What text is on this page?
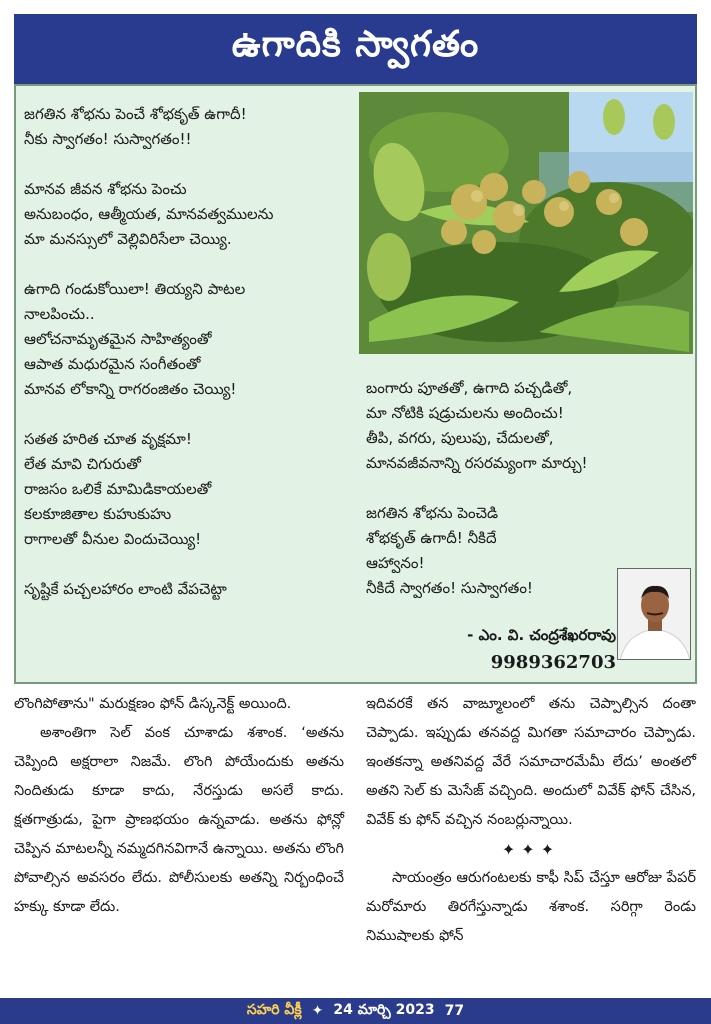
ఉగాదికి స్వాగతం
జగతిన శోభను పెంచే శోభకృత్ ఉగాదీ!
నీకు స్వాగతం! సుస్వాగతం!!
మానవ జీవన శోభను పెంచు
అనుబంధం, ఆత్మీయత, మానవత్వములను
మా మనస్సులో వెల్లివిరిసేలా చెయ్యి.
ఉగాది గండుకోయిలా! తియ్యని పాటల
నాలపించు..
ఆలోచనామృతమైన సాహిత్యంతో
ఆపాత మధురమైన సంగీతంతో
మానవ లోకాన్ని రాగరంజితం చెయ్యి!
సతత హరిత చూత వృక్షమా!
లేత మావి చిగురుతో
రాజసం ఒలికే మామిడికాయలతో
కలకూజితాల కుహుకుహు
రాగాలతో వీనుల విందుచెయ్యి!
సృష్టికే పచ్చలహారం లాంటి వేపచెట్టా
బంగారు పూతతో, ఉగాది పచ్చడితో,
మా నోటికి షడ్రుచులను అందించు!
తీపి, వగరు, పులుపు, చేదులతో,
మానవజీవనాన్ని రసరమ్యంగా మార్చు!
జగతిన శోభను పెంచెడి
శోభకృత్ ఉగాదీ! నీకిదే
ఆహ్వానం!
నీకిదే స్వాగతం! సుస్వాగతం!
- ఎం. వి. చంద్రశేఖరరావు
9989362703

లొంగిపోతాను" మరుక్షణం ఫోన్ డిస్కనెక్ట్ అయింది.

అశాంతిగా సెల్ వంక చూశాడు శశాంక. ‘అతను చెప్పింది అక్షరాలా నిజమే. లొంగి పోయేందుకు అతను నిందితుడు కూడా కాదు, నేరస్తుడు అసలే కాదు. క్షతగాత్రుడు, పైగా ప్రాణభయం ఉన్నవాడు. అతను ఫోన్లో చెప్పిన మాటలన్నీ నమ్మదగినవిగానే ఉన్నాయి. అతను లొంగి పోవాల్సిన అవసరం లేదు. పోలీసులకు అతన్ని నిర్బంధించే హక్కు కూడా లేదు.

ఇదివరకే తన వాఙ్మూలంలో తను చెప్పాల్సిన దంతా చెప్పాడు. ఇప్పుడు తనవద్ద మిగతా సమాచారం చెప్పాడు. ఇంతకన్నా అతనివద్ద వేరే సమాచారమేమీ లేదు’ అంతలో అతని సెల్ కు మెసేజ్ వచ్చింది. అందులో వివేక్ ఫోన్ చేసిన, వివేక్ కు ఫోన్ వచ్చిన నంబర్లున్నాయి.

✦✦✦

సాయంత్రం ఆరుగంటలకు కాఫీ సిప్ చేస్తూ ఆరోజు పేపర్ మరోమారు తిరగేస్తున్నాడు శశాంక. సరిగ్గా రెండు నిముషాలకు ఫోన్

సహరి వీక్లీ ✦ 24 మార్చి 2023 77
